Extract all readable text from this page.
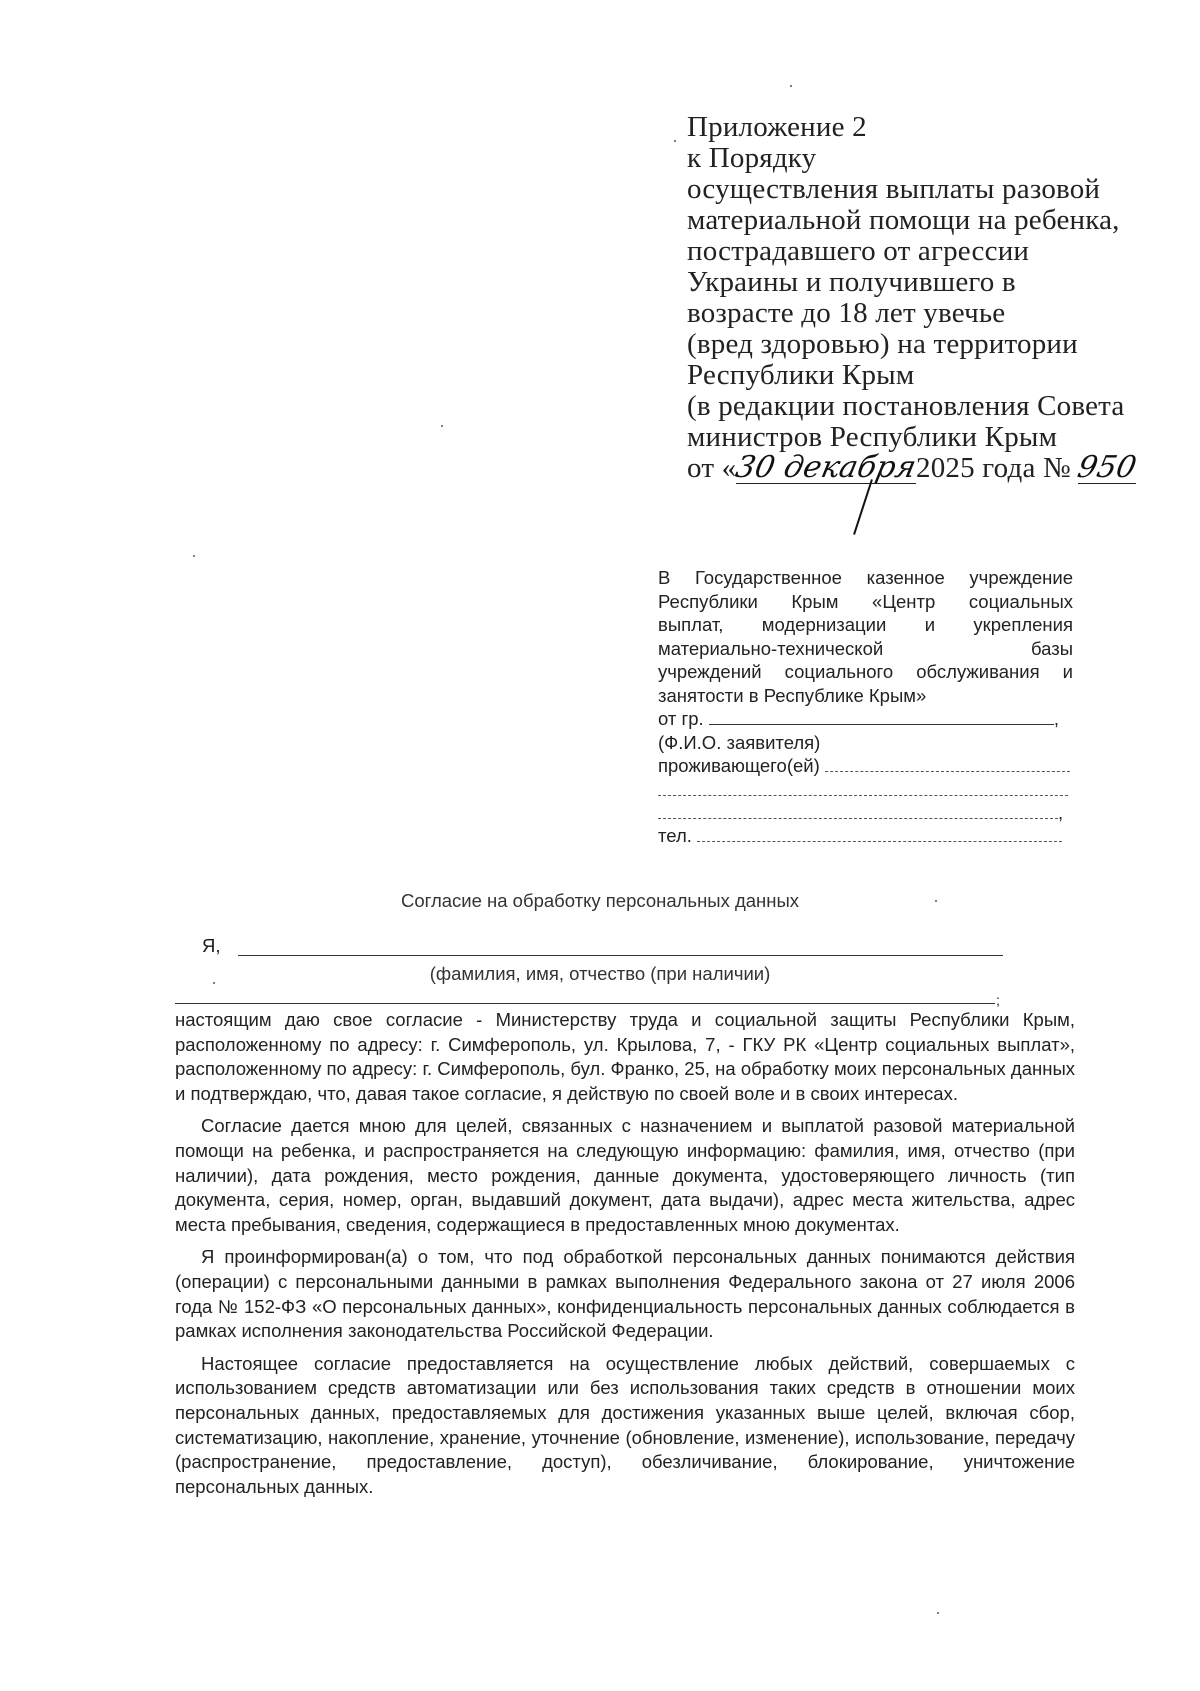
Приложение 2
к Порядку
осуществления выплаты разовой
материальной помощи на ребенка,
пострадавшего от агрессии
Украины и получившего в
возрасте до 18 лет увечье
(вред здоровью) на территории
Республики Крым
(в редакции постановления Совета
министров Республики Крым
от «30 декабря2025 года № 950
В Государственное казенное учреждение
Республики Крым «Центр социальных
выплат, модернизации и укрепления
материально-технической базы
учреждений социального обслуживания и
занятости в Республике Крым»
от гр.	,
(Ф.И.О. заявителя)
проживающего(ей)
,
тел.
Согласие на обработку персональных данных
Я,
(фамилия, имя, отчество (при наличии)
;

настоящим даю свое согласие - Министерству труда и социальной защиты Республики Крым, расположенному по адресу: г. Симферополь, ул. Крылова, 7, - ГКУ РК «Центр социальных выплат», расположенному по адресу: г. Симферополь, бул. Франко, 25, на обработку моих персональных данных и подтверждаю, что, давая такое согласие, я действую по своей воле и в своих интересах.

Согласие дается мною для целей, связанных с назначением и выплатой разовой материальной помощи на ребенка, и распространяется на следующую информацию: фамилия, имя, отчество (при наличии), дата рождения, место рождения, данные документа, удостоверяющего личность (тип документа, серия, номер, орган, выдавший документ, дата выдачи), адрес места жительства, адрес места пребывания, сведения, содержащиеся в предоставленных мною документах.

Я проинформирован(а) о том, что под обработкой персональных данных понимаются действия (операции) с персональными данными в рамках выполнения Федерального закона от 27 июля 2006 года № 152-ФЗ «О персональных данных», конфиденциальность персональных данных соблюдается в рамках исполнения законодательства Российской Федерации.

Настоящее согласие предоставляется на осуществление любых действий, совершаемых с использованием средств автоматизации или без использования таких средств в отношении моих персональных данных, предоставляемых для достижения указанных выше целей, включая сбор, систематизацию, накопление, хранение, уточнение (обновление, изменение), использование, передачу (распространение, предоставление, доступ), обезличивание, блокирование, уничтожение персональных данных.
